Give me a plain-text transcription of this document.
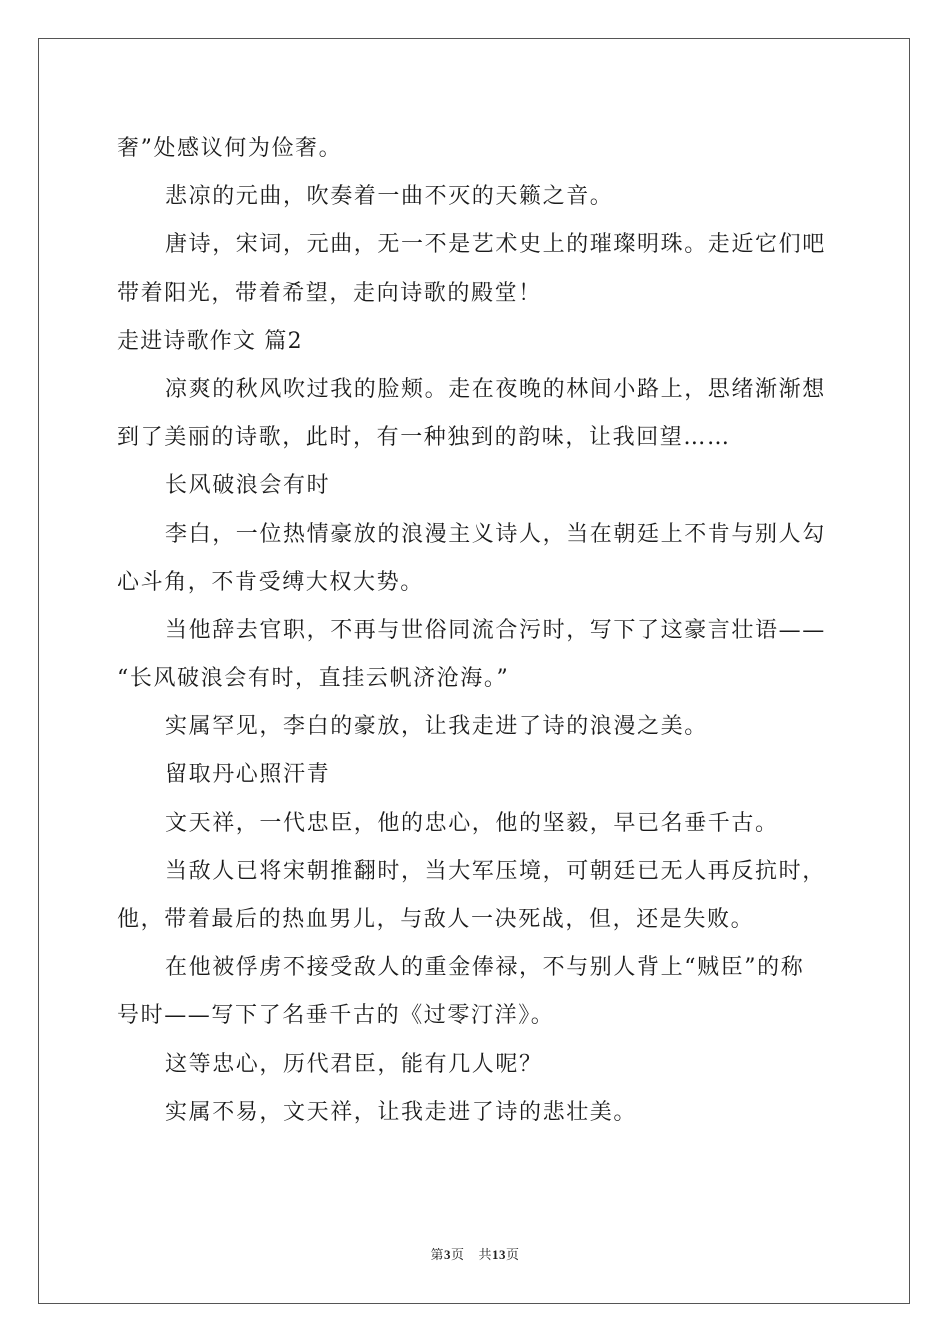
奢”处感议何为俭奢。
悲凉的元曲，吹奏着一曲不灭的天籁之音。
唐诗，宋词，元曲，无一不是艺术史上的璀璨明珠。走近它们吧
带着阳光，带着希望，走向诗歌的殿堂！
走进诗歌作文 篇2
凉爽的秋风吹过我的脸颊。走在夜晚的林间小路上，思绪渐渐想
到了美丽的诗歌，此时，有一种独到的韵味，让我回望……
长风破浪会有时
李白，一位热情豪放的浪漫主义诗人，当在朝廷上不肯与别人勾
心斗角，不肯受缚大权大势。
当他辞去官职，不再与世俗同流合污时，写下了这豪言壮语——
“长风破浪会有时，直挂云帆济沧海。”
实属罕见，李白的豪放，让我走进了诗的浪漫之美。
留取丹心照汗青
文天祥，一代忠臣，他的忠心，他的坚毅，早已名垂千古。
当敌人已将宋朝推翻时，当大军压境，可朝廷已无人再反抗时，
他，带着最后的热血男儿，与敌人一决死战，但，还是失败。
在他被俘虏不接受敌人的重金俸禄，不与别人背上“贼臣”的称
号时——写下了名垂千古的《过零汀洋》。
这等忠心，历代君臣，能有几人呢？
实属不易，文天祥，让我走进了诗的悲壮美。
第3页 共13页
